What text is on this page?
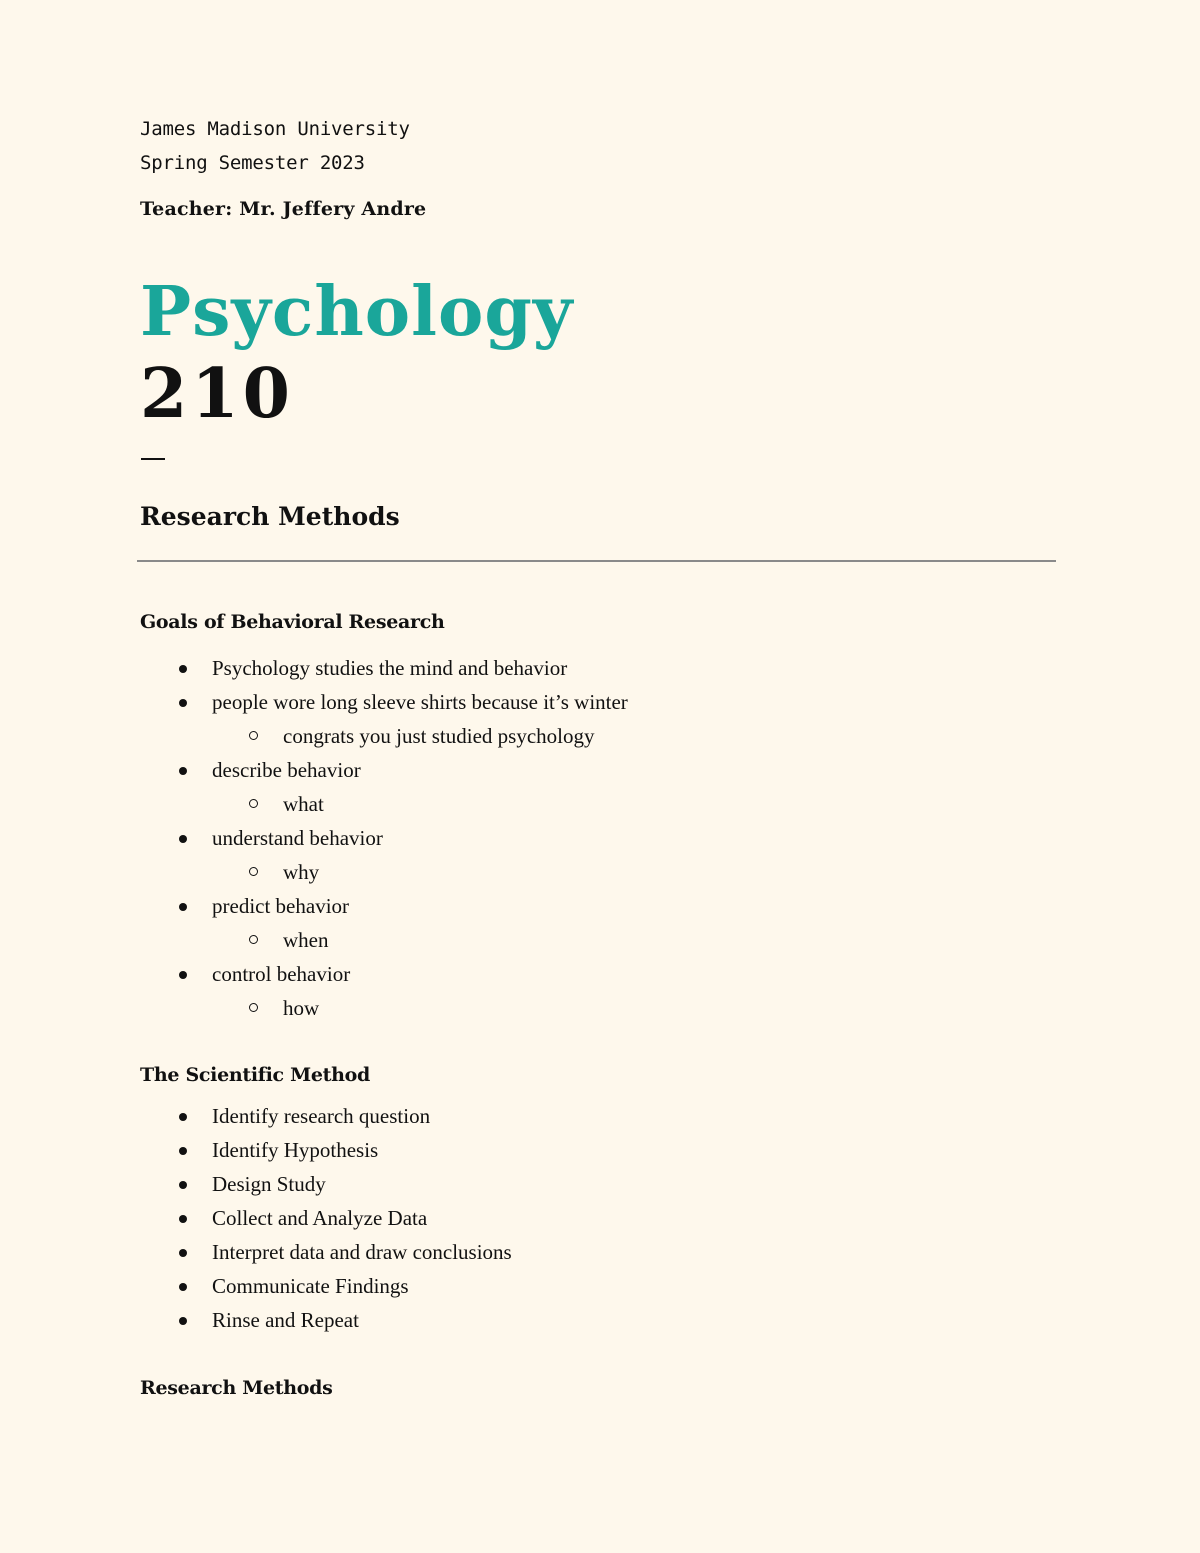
James Madison University

Spring Semester 2023

Teacher: Mr. Jeffery Andre

Psychology
210
Research Methods
Goals of Behavioral Research
Psychology studies the mind and behavior
people wore long sleeve shirts because it’s winter
congrats you just studied psychology
describe behavior
what
understand behavior
why
predict behavior
when
control behavior
how
The Scientific Method
Identify research question
Identify Hypothesis
Design Study
Collect and Analyze Data
Interpret data and draw conclusions
Communicate Findings
Rinse and Repeat
Research Methods
